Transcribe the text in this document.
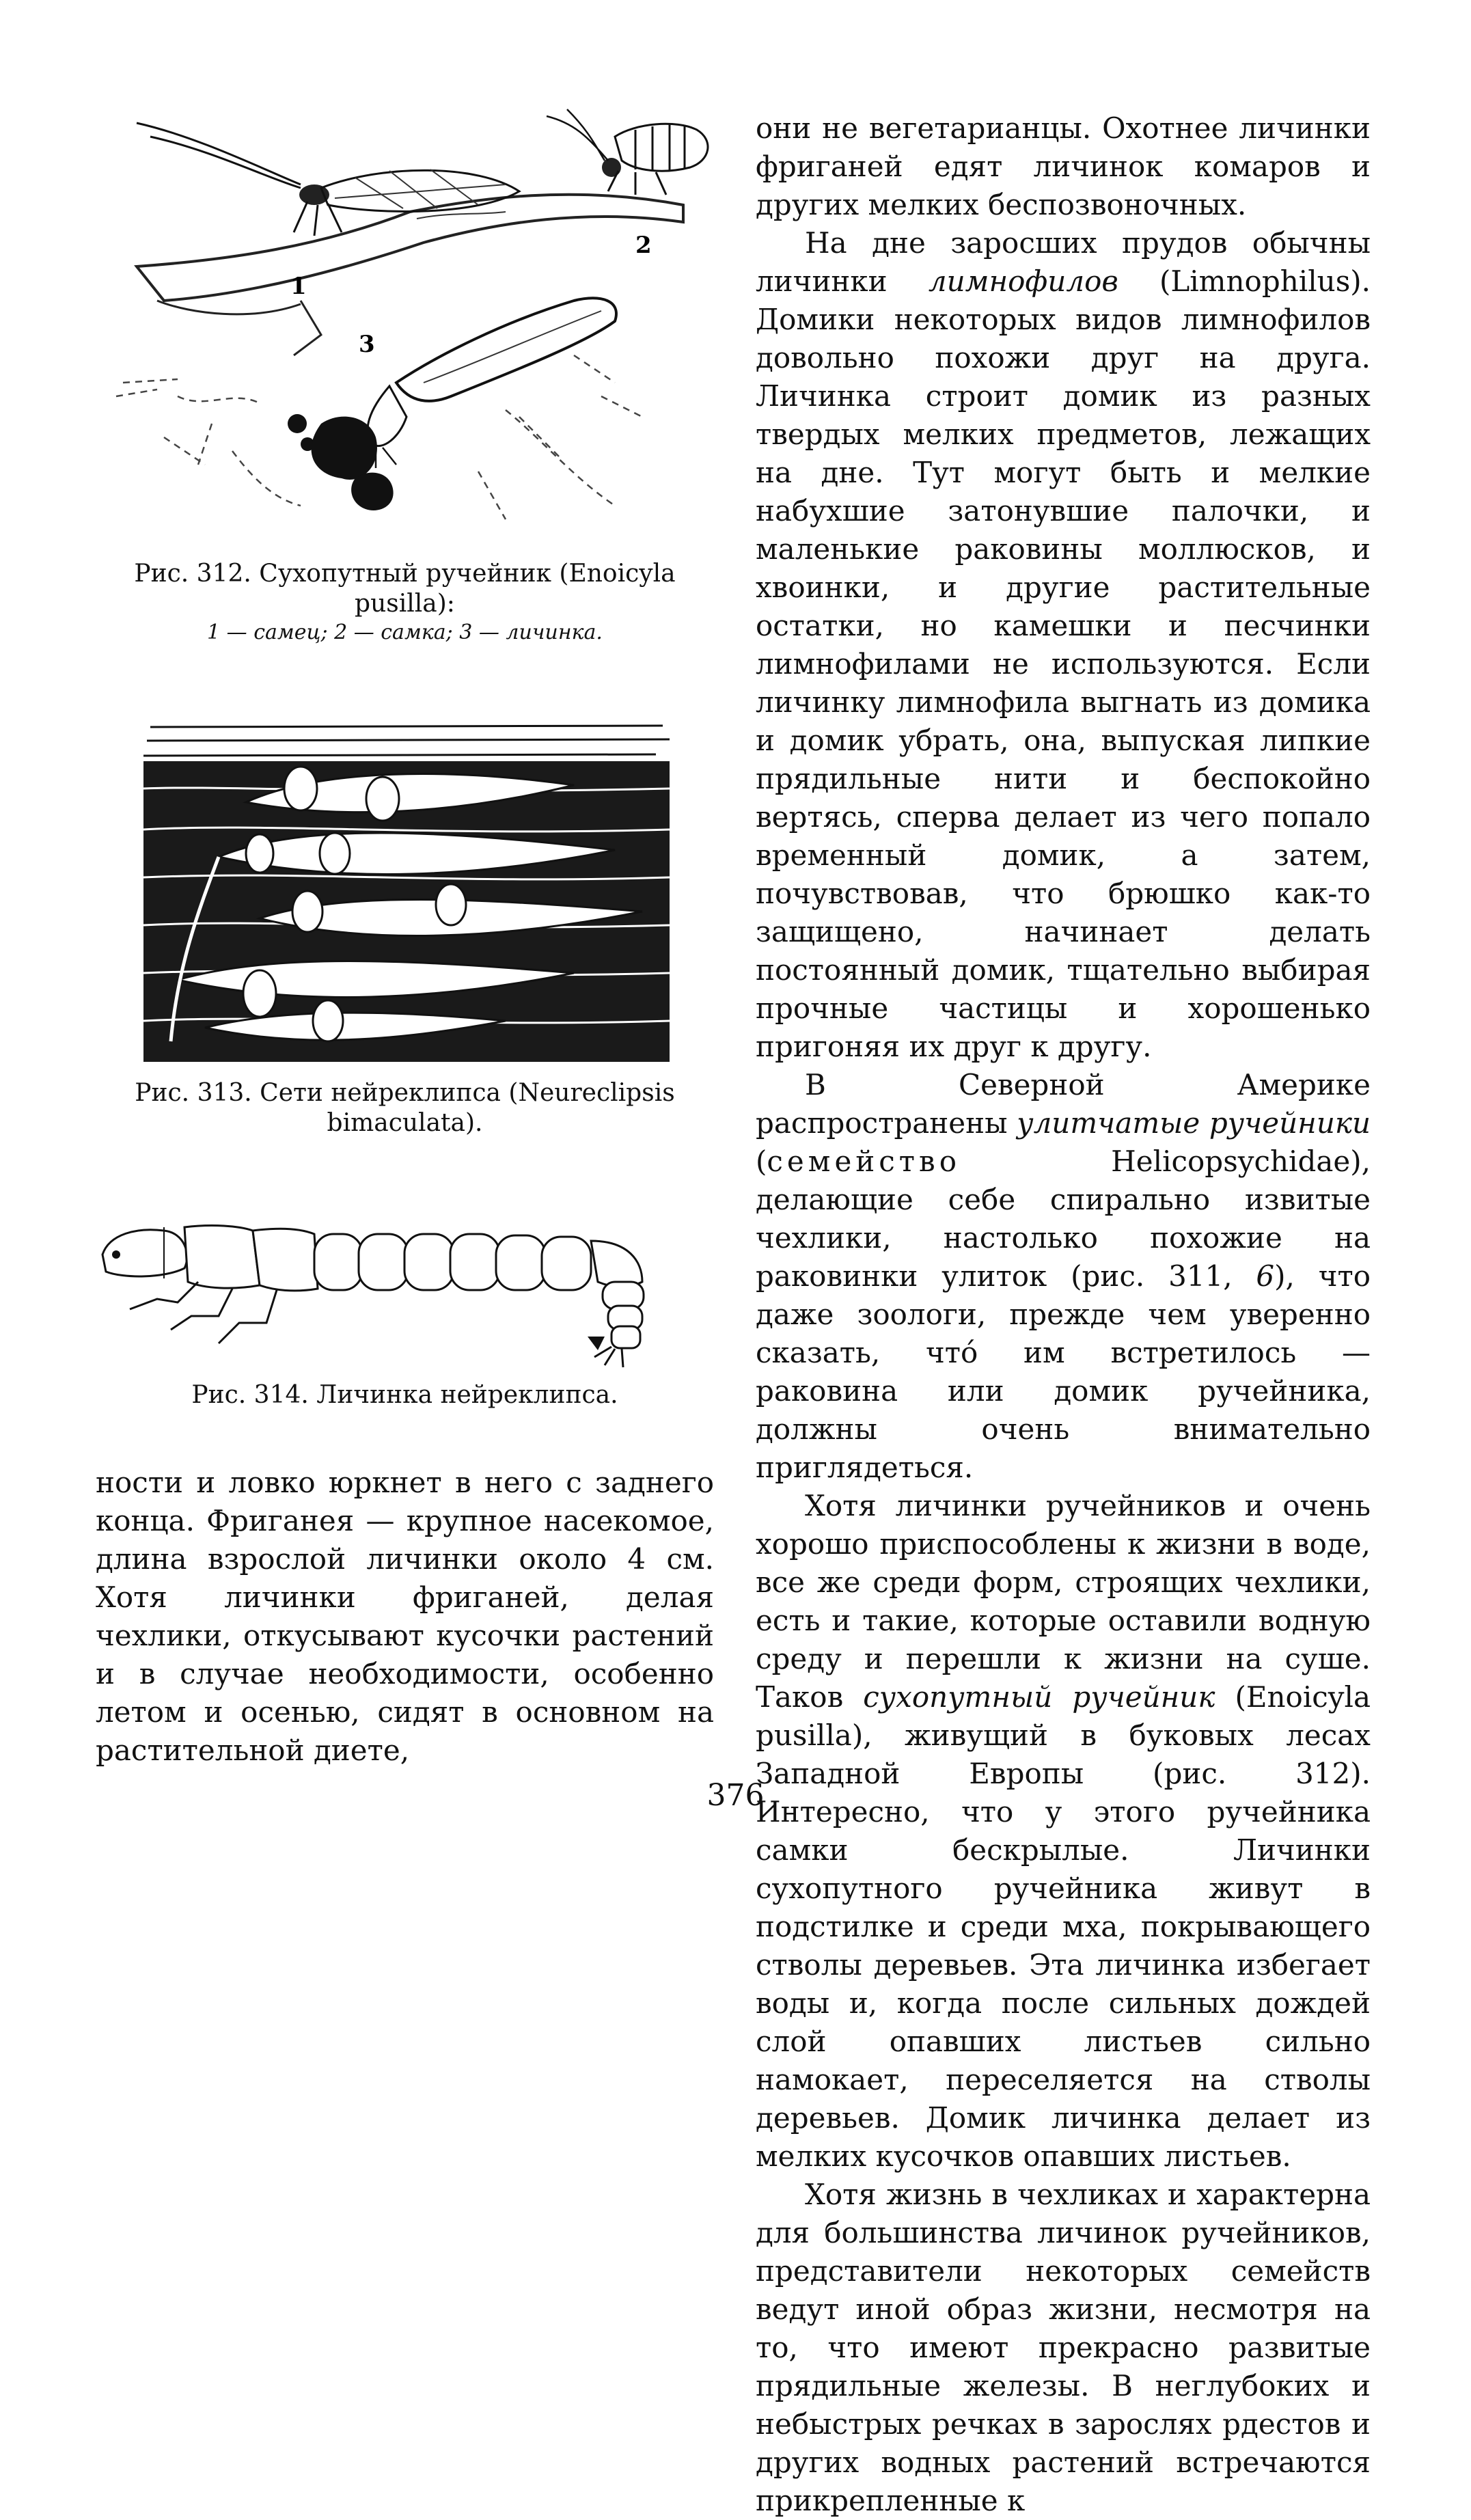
1
2
3

Рис. 312. Сухопутный ручейник (Enoicyla

pusilla):

1 — самец; 2 — самка; 3 — личинка.

Рис. 313. Сети нейреклипса (Neureclipsis

bimaculata).

Рис. 314. Личинка нейреклипса.

ности и ловко юркнет в него с заднего конца. Фриганея — крупное насекомое, длина взрослой личинки около 4 см. Хотя личинки фриганей, делая чехлики, откусывают кусочки растений и в случае необходимости, особенно летом и осенью, сидят в основном на растительной диете,

они не вегетарианцы. Охотнее личинки фриганей едят личинок комаров и других мелких беспозвоночных.

На дне заросших прудов обычны личинки лимнофилов (Limnophilus). Домики некоторых видов лимнофилов довольно похожи друг на друга. Личинка строит домик из разных твердых мелких предметов, лежащих на дне. Тут могут быть и мелкие набухшие затонувшие палочки, и маленькие раковины моллюсков, и хвоинки, и другие растительные остатки, но камешки и песчинки лимнофилами не используются. Если личинку лимнофила выгнать из домика и домик убрать, она, выпуская липкие прядильные нити и беспокойно вертясь, сперва делает из чего попало временный домик, а затем, почувствовав, что брюшко как-то защищено, начинает делать постоянный домик, тщательно выбирая прочные частицы и хорошенько пригоняя их друг к другу.

В Северной Америке распространены улитчатые ручейники (семейство Helicopsychidae), делающие себе спирально извитые чехлики, настолько похожие на раковинки улиток (рис. 311, 6), что даже зоологи, прежде чем уверенно сказать, что́ им встретилось — раковина или домик ручейника, должны очень внимательно приглядеться.

Хотя личинки ручейников и очень хорошо приспособлены к жизни в воде, все же среди форм, строящих чехлики, есть и такие, которые оставили водную среду и перешли к жизни на суше. Таков сухопутный ручейник (Enoicyla pusilla), живущий в буковых лесах Западной Европы (рис. 312). Интересно, что у этого ручейника самки бескрылые. Личинки сухопутного ручейника живут в подстилке и среди мха, покрывающего стволы деревьев. Эта личинка избегает воды и, когда после сильных дождей слой опавших листьев сильно намокает, переселяется на стволы деревьев. Домик личинка делает из мелких кусочков опавших листьев.

Хотя жизнь в чехликах и характерна для большинства личинок ручейников, представители некоторых семейств ведут иной образ жизни, несмотря на то, что имеют прекрасно развитые прядильные железы. В неглубоких и небыстрых речках в зарослях рдестов и других водных растений встречаются прикрепленные к

376
